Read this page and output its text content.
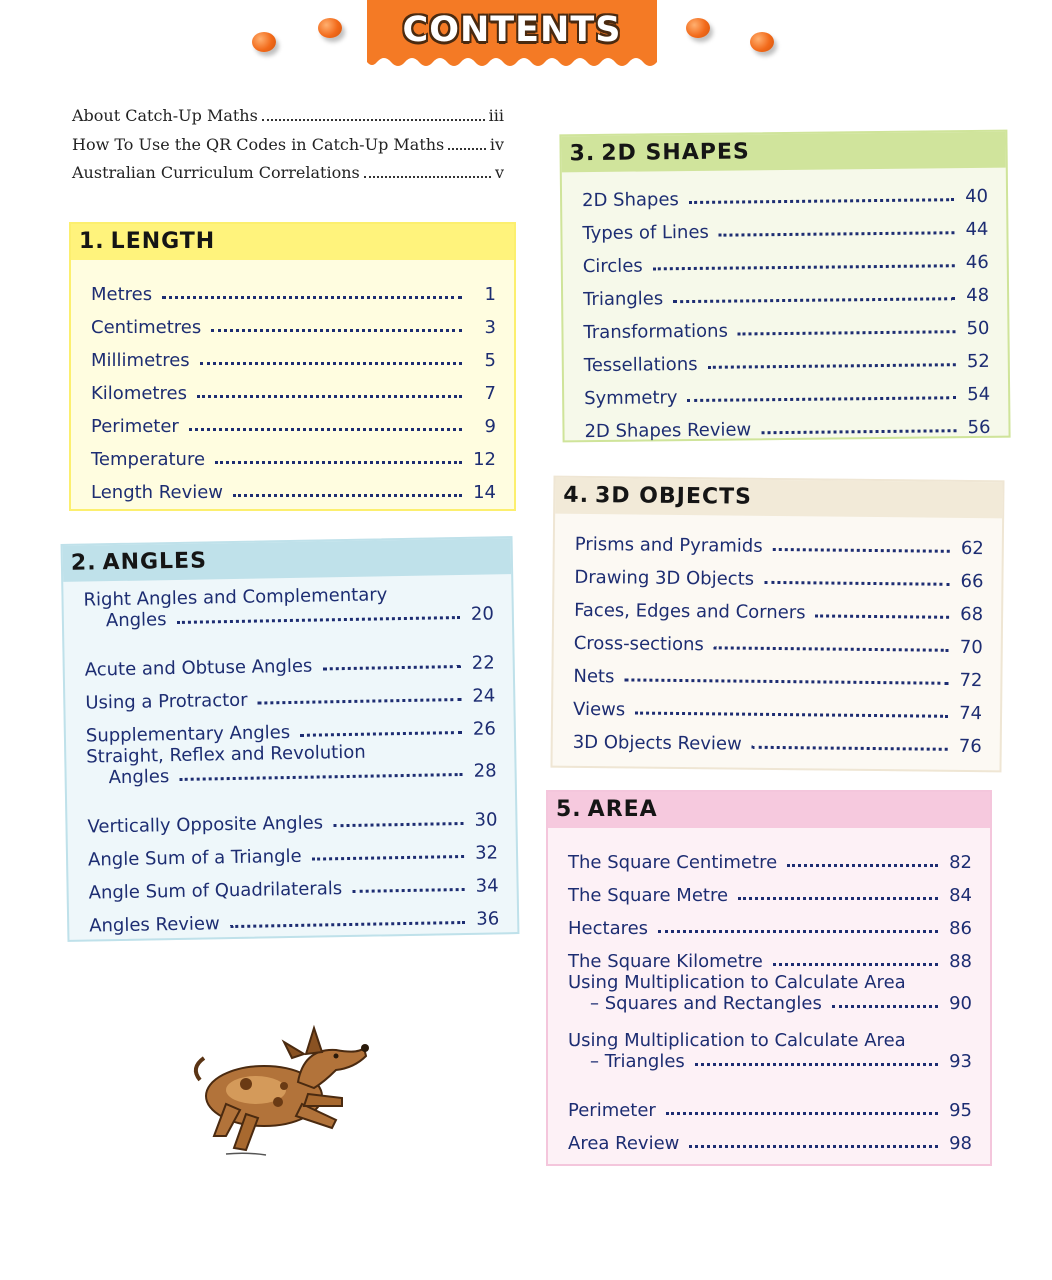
CONTENTS
About Catch-Up Maths	iii
How To Use the QR Codes in Catch-Up Maths	iv
Australian Curriculum Correlations	v
1. LENGTH
Metres	1
Centimetres	3
Millimetres	5
Kilometres	7
Perimeter	9
Temperature	12
Length Review	14
2. ANGLES
Right Angles and Complementary
Angles	20
Acute and Obtuse Angles	22
Using a Protractor	24
Supplementary Angles	26
Straight, Reflex and Revolution
Angles	28
Vertically Opposite Angles	30
Angle Sum of a Triangle	32
Angle Sum of Quadrilaterals	34
Angles Review	36
3. 2D SHAPES
2D Shapes	40
Types of Lines	44
Circles	46
Triangles	48
Transformations	50
Tessellations	52
Symmetry	54
2D Shapes Review	56
4. 3D OBJECTS
Prisms and Pyramids	62
Drawing 3D Objects	66
Faces, Edges and Corners	68
Cross-sections	70
Nets	72
Views	74
3D Objects Review	76
5. AREA
The Square Centimetre	82
The Square Metre	84
Hectares	86
The Square Kilometre	88
Using Multiplication to Calculate Area
– Squares and Rectangles	90
Using Multiplication to Calculate Area
– Triangles	93
Perimeter	95
Area Review	98
